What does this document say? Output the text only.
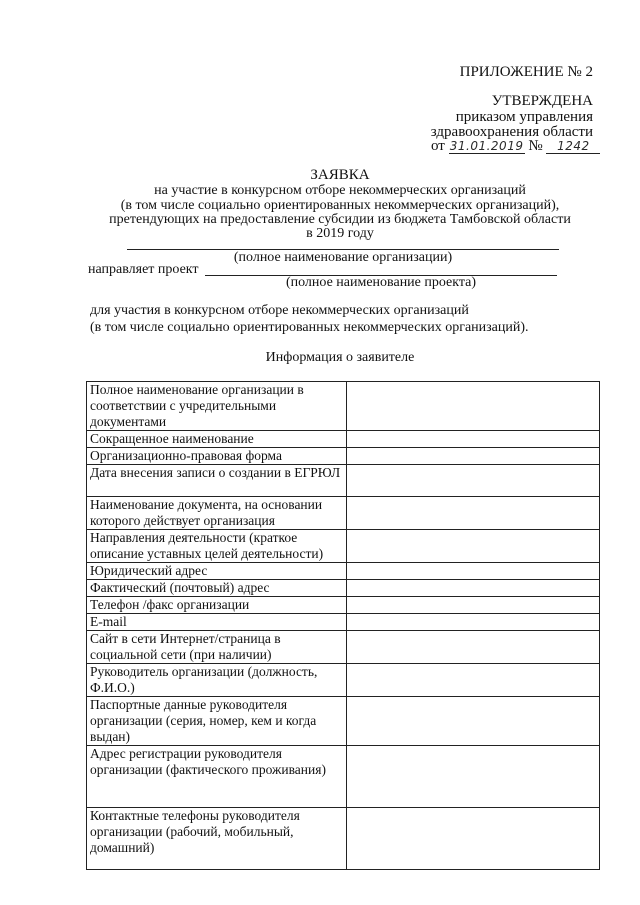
ПРИЛОЖЕНИЕ № 2
УТВЕРЖДЕНА
приказом управления
здравоохранения области
от 31.01.2019 № 1242
ЗАЯВКА
на участие в конкурсном отборе некоммерческих организаций
(в том числе социально ориентированных некоммерческих организаций),
претендующих на предоставление субсидии из бюджета Тамбовской области
в 2019 году
(полное наименование организации)
направляет проект
(полное наименование проекта)
для участия в конкурсном отборе некоммерческих организаций
(в том числе социально ориентированных некоммерческих организаций).
Информация о заявителе
Полное наименование организации в соответствии с учредительными документами	
Сокращенное наименование	
Организационно-правовая форма	
Дата внесения записи о создании в ЕГРЮЛ	
Наименование документа, на основании которого действует организация	
Направления деятельности (краткое описание уставных целей деятельности)	
Юридический адрес	
Фактический (почтовый) адрес	
Телефон /факс организации	
E-mail	
Сайт в сети Интернет/страница в социальной сети (при наличии)	
Руководитель организации (должность, Ф.И.О.)	
Паспортные данные руководителя организации (серия, номер, кем и когда выдан)	
Адрес регистрации руководителя организации (фактического проживания)	
Контактные телефоны руководителя организации (рабочий, мобильный, домашний)	
